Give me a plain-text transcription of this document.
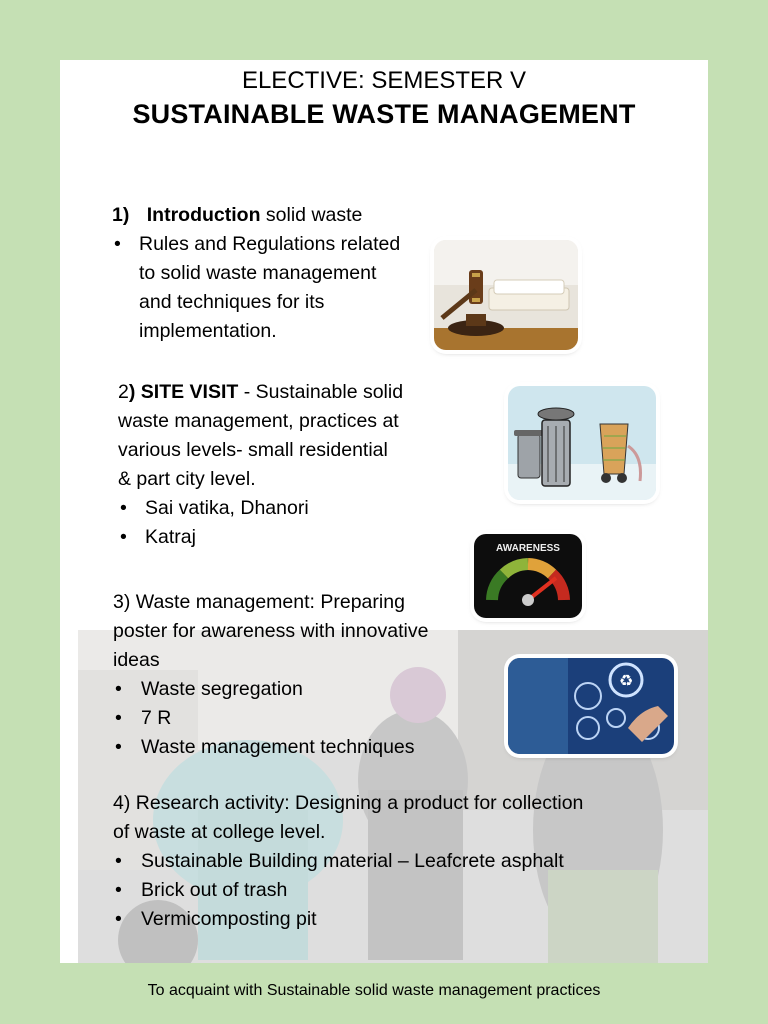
ELECTIVE: SEMESTER V
SUSTAINABLE WASTE MANAGEMENT
1) Introduction solid waste
• Rules and Regulations related
to solid waste management
and techniques for its
implementation.
2) SITE VISIT - Sustainable solid
waste management, practices at
various levels- small residential
& part city level.
• Sai vatika, Dhanori
• Katraj
AWARENESS
3) Waste management: Preparing
poster for awareness with innovative
ideas
• Waste segregation
• 7 R
• Waste management techniques
♻
4) Research activity: Designing a product for collection
of waste at college level.
• Sustainable Building material – Leafcrete asphalt
• Brick out of trash
• Vermicomposting pit
To acquaint with Sustainable solid waste management practices
